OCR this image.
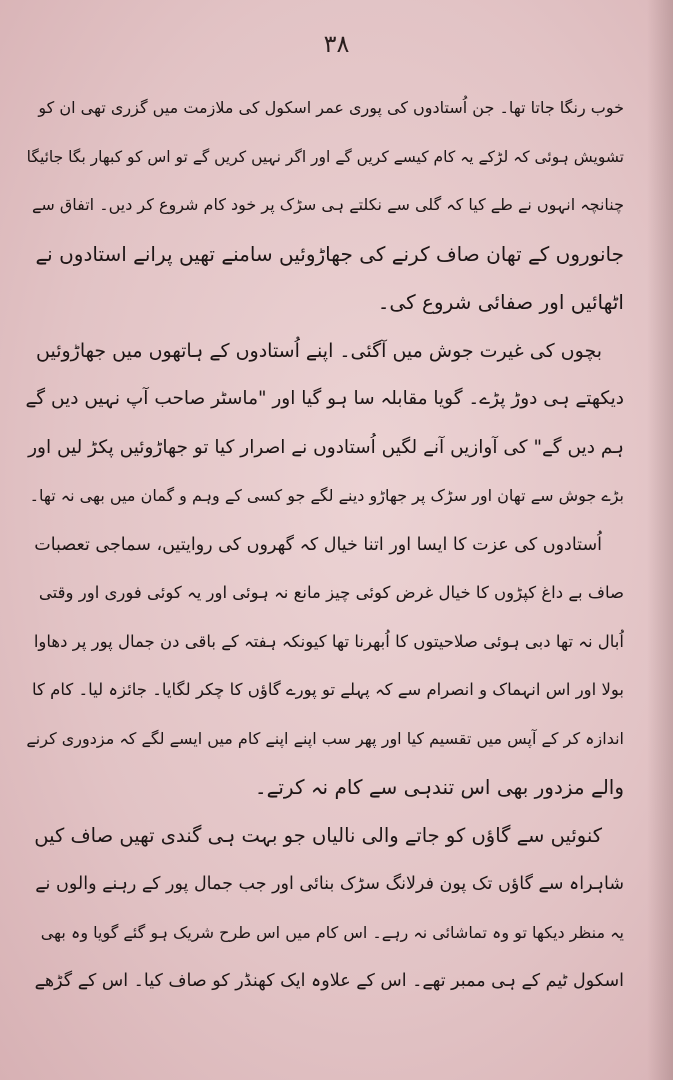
۳۸
خوب رنگا جاتا تھا۔ جن اُستادوں کی پوری عمر اسکول کی ملازمت میں گزری تھی ان کو
تشویش ہوئی کہ لڑکے یہ کام کیسے کریں گے اور اگر نہیں کریں گے تو اس کو کبھار بگا جائیگا
چنانچہ انہوں نے طے کیا کہ گلی سے نکلتے ہی سڑک پر خود کام شروع کر دیں۔ اتفاق سے
جانوروں کے تھان صاف کرنے کی جھاڑوئیں سامنے تھیں پرانے استادوں نے
اٹھائیں اور صفائی شروع کی۔
بچوں کی غیرت جوش میں آگئی۔ اپنے اُستادوں کے ہاتھوں میں جھاڑوئیں
دیکھتے ہی دوڑ پڑے۔ گویا مقابلہ سا ہو گیا اور "ماسٹر صاحب آپ نہیں دیں گے
ہم دیں گے" کی آوازیں آنے لگیں اُستادوں نے اصرار کیا تو جھاڑوئیں پکڑ لیں اور
بڑے جوش سے تھان اور سڑک پر جھاڑو دینے لگے جو کسی کے وہم و گمان میں بھی نہ تھا۔
اُستادوں کی عزت کا ایسا اور اتنا خیال کہ گھروں کی روایتیں، سماجی تعصبات
صاف بے داغ کپڑوں کا خیال غرض کوئی چیز مانع نہ ہوئی اور یہ کوئی فوری اور وقتی
اُبال نہ تھا دبی ہوئی صلاحیتوں کا اُبھرنا تھا کیونکہ ہفتہ کے باقی دن جمال پور پر دھاوا
بولا اور اس انہماک و انصرام سے کہ پہلے تو پورے گاؤں کا چکر لگایا۔ جائزہ لیا۔ کام کا
اندازہ کر کے آپس میں تقسیم کیا اور پھر سب اپنے اپنے کام میں ایسے لگے کہ مزدوری کرنے
والے مزدور بھی اس تندہی سے کام نہ کرتے۔
کنوئیں سے گاؤں کو جاتے والی نالیاں جو بہت ہی گندی تھیں صاف کیں
شاہراہ سے گاؤں تک پون فرلانگ سڑک بنائی اور جب جمال پور کے رہنے والوں نے
یہ منظر دیکھا تو وہ تماشائی نہ رہے۔ اس کام میں اس طرح شریک ہو گئے گویا وہ بھی
اسکول ٹیم کے ہی ممبر تھے۔ اس کے علاوہ ایک کھنڈر کو صاف کیا۔ اس کے گڑھے
